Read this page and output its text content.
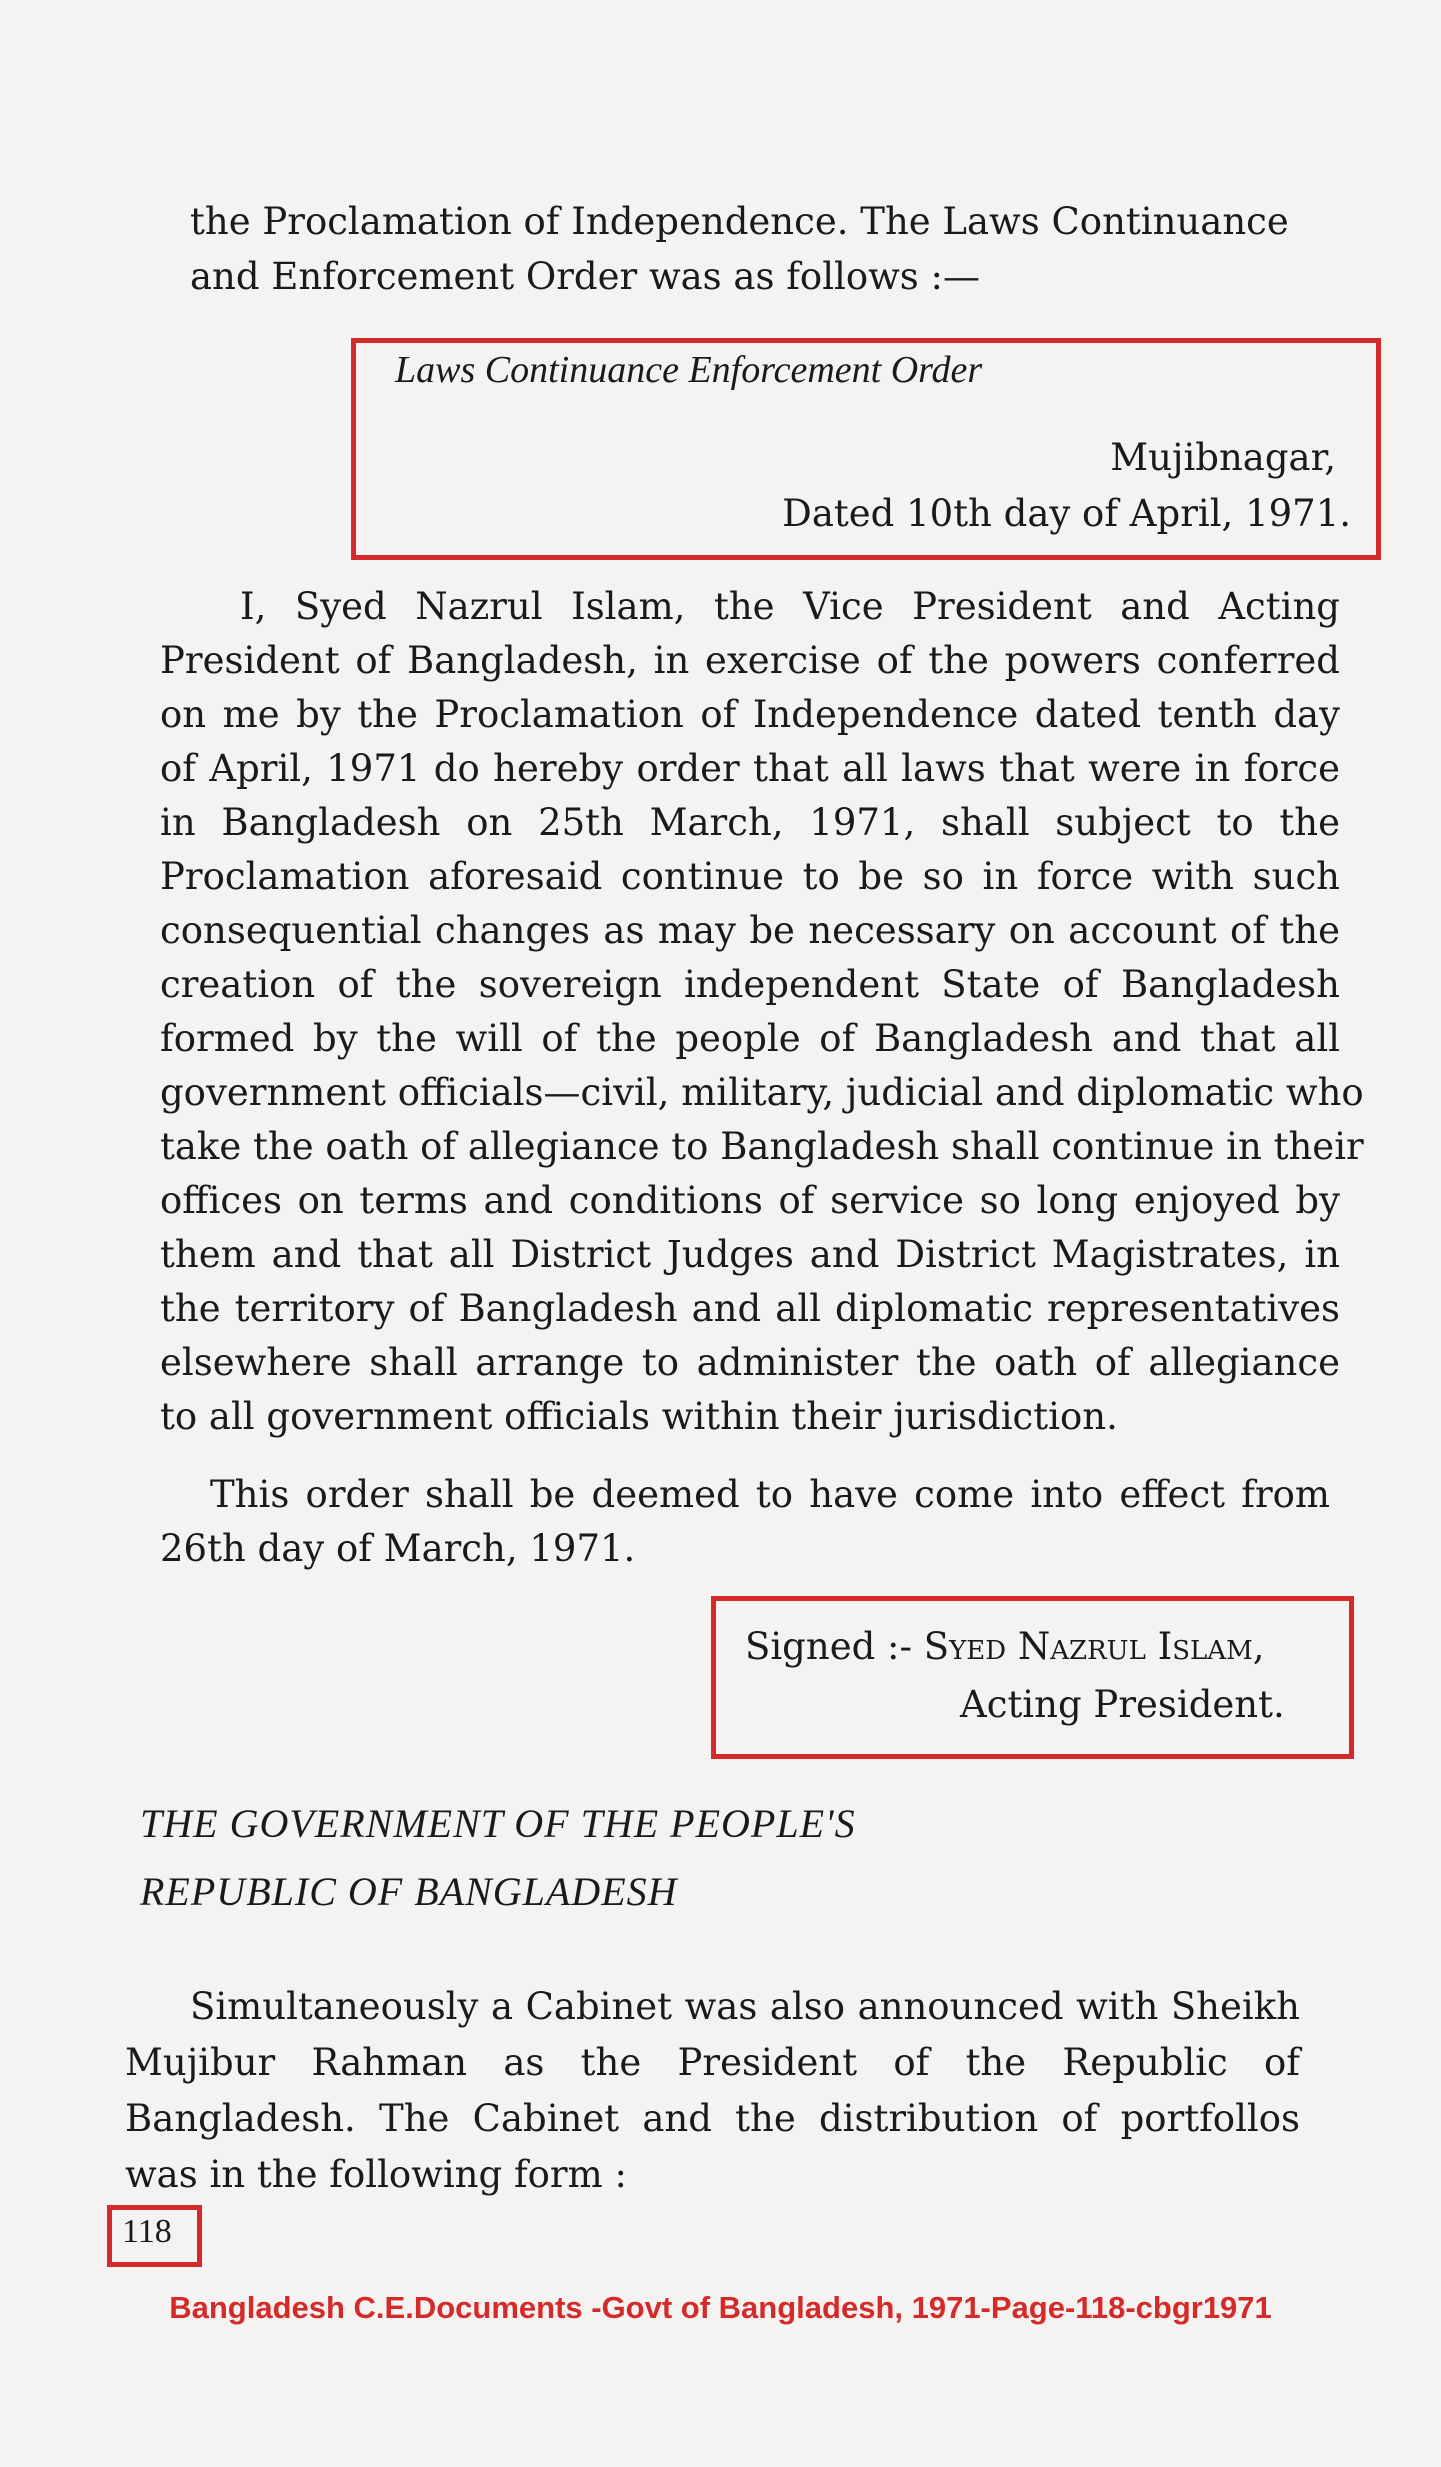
the Proclamation of Independence. The Laws Continuance
and Enforcement Order was as follows :—
Laws Continuance Enforcement Order
Mujibnagar,
Dated 10th day of April, 1971.
I, Syed Nazrul Islam, the Vice President and Acting
President of Bangladesh, in exercise of the powers conferred
on me by the Proclamation of Independence dated tenth day
of April, 1971 do hereby order that all laws that were in force
in Bangladesh on 25th March, 1971, shall subject to the
Proclamation aforesaid continue to be so in force with such
consequential changes as may be necessary on account of the
creation of the sovereign independent State of Bangladesh
formed by the will of the people of Bangladesh and that all
government officials—civil, military, judicial and diplomatic who
take the oath of allegiance to Bangladesh shall continue in their
offices on terms and conditions of service so long enjoyed by
them and that all District Judges and District Magistrates, in
the territory of Bangladesh and all diplomatic representatives
elsewhere shall arrange to administer the oath of allegiance
to all government officials within their jurisdiction.
This order shall be deemed to have come into effect from
26th day of March, 1971.
Signed :- Syed Nazrul Islam,
Acting President.
THE GOVERNMENT OF THE PEOPLE'S
REPUBLIC OF BANGLADESH
Simultaneously a Cabinet was also announced with Sheikh
Mujibur Rahman as the President of the Republic of
Bangladesh. The Cabinet and the distribution of portfollos
was in the following form :
118
Bangladesh C.E.Documents -Govt of Bangladesh, 1971-Page-118-cbgr1971
